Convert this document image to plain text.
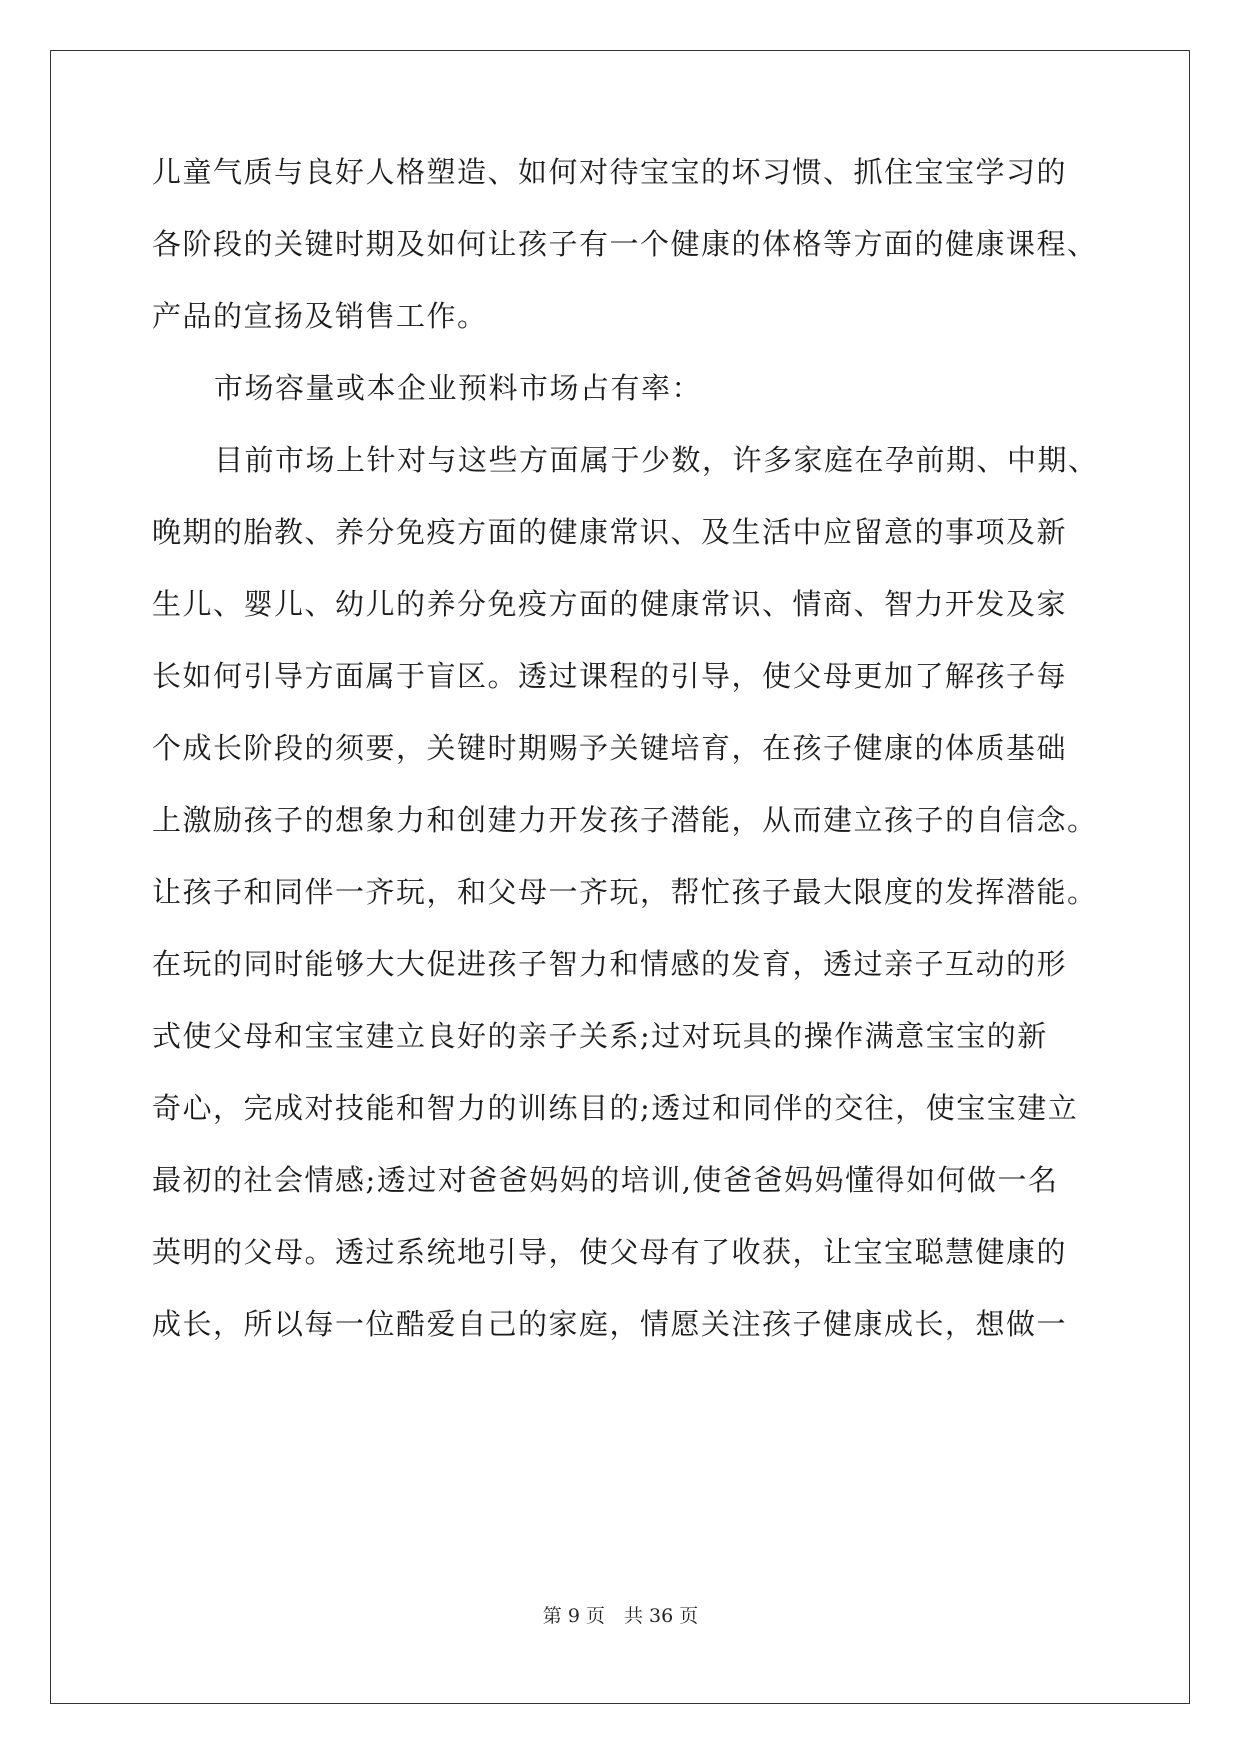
儿童气质与良好人格塑造、如何对待宝宝的坏习惯、抓住宝宝学习的
各阶段的关键时期及如何让孩子有一个健康的体格等方面的健康课程、
产品的宣扬及销售工作。
市场容量或本企业预料市场占有率：
目前市场上针对与这些方面属于少数，许多家庭在孕前期、中期、
晚期的胎教、养分免疫方面的健康常识、及生活中应留意的事项及新
生儿、婴儿、幼儿的养分免疫方面的健康常识、情商、智力开发及家
长如何引导方面属于盲区。透过课程的引导，使父母更加了解孩子每
个成长阶段的须要，关键时期赐予关键培育，在孩子健康的体质基础
上激励孩子的想象力和创建力开发孩子潜能，从而建立孩子的自信念。
让孩子和同伴一齐玩，和父母一齐玩，帮忙孩子最大限度的发挥潜能。
在玩的同时能够大大促进孩子智力和情感的发育，透过亲子互动的形
式使父母和宝宝建立良好的亲子关系;过对玩具的操作满意宝宝的新
奇心，完成对技能和智力的训练目的;透过和同伴的交往，使宝宝建立
最初的社会情感;透过对爸爸妈妈的培训,使爸爸妈妈懂得如何做一名
英明的父母。透过系统地引导，使父母有了收获，让宝宝聪慧健康的
成长，所以每一位酷爱自己的家庭，情愿关注孩子健康成长，想做一
第 9 页　共 36 页
